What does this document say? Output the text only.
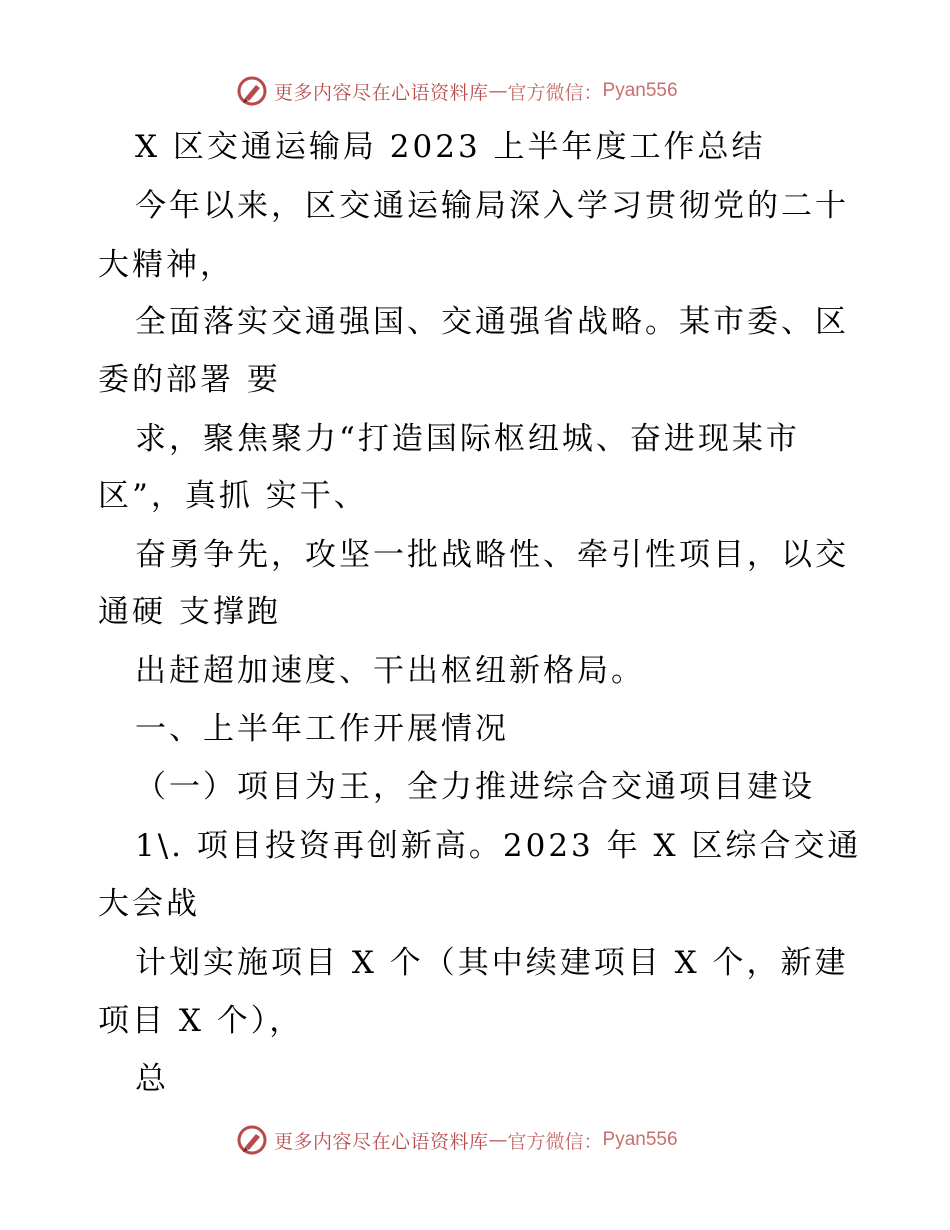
更多内容尽在心语资料库 — 官方微信： Pyan556
X 区交通运输局 2023 上半年度工作总结
今年以来，区交通运输局深入学习贯彻党的二十
大精神，
全面落实交通强国、交通强省战略。某市委、区
委的部署 要
求，聚焦聚力“打造国际枢纽城、奋进现某市
区”，真抓 实干、
奋勇争先，攻坚一批战略性、牵引性项目，以交
通硬 支撑跑
出赶超加速度、干出枢纽新格局。
一、上半年工作开展情况
（一）项目为王，全力推进综合交通项目建设
1\. 项目投资再创新高。2023 年 X 区综合交通
大会战
计划实施项目 X 个（其中续建项目 X 个，新建
项目 X 个），
总
更多内容尽在心语资料库 — 官方微信： Pyan556
